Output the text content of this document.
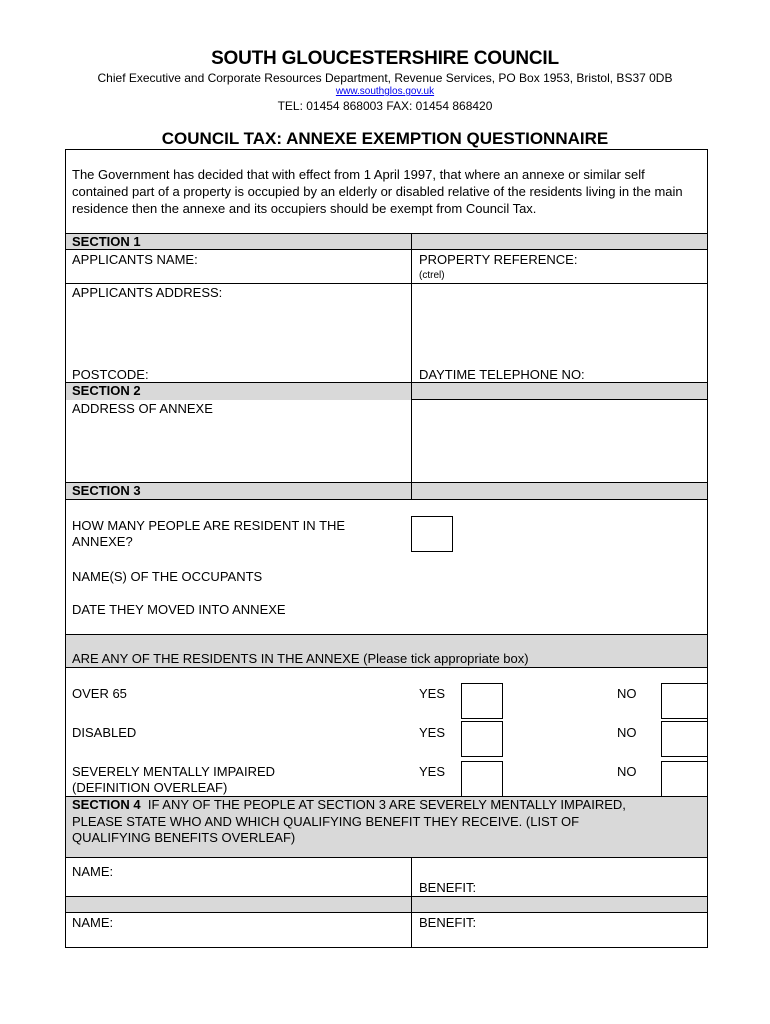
SOUTH GLOUCESTERSHIRE COUNCIL
Chief Executive and Corporate Resources Department, Revenue Services, PO Box 1953, Bristol, BS37 0DB
www.southglos.gov.uk
TEL: 01454 868003 FAX: 01454 868420
COUNCIL TAX: ANNEXE EXEMPTION QUESTIONNAIRE
The Government has decided that with effect from 1 April 1997, that where an annexe or similar self contained part of a property is occupied by an elderly or disabled relative of the residents living in the main residence then the annexe and its occupiers should be exempt from Council Tax.
SECTION 1
APPLICANTS NAME:	PROPERTY REFERENCE:
(ctrel)
APPLICANTS ADDRESS:
POSTCODE:	DAYTIME TELEPHONE NO:
SECTION 2
ADDRESS OF ANNEXE
SECTION 3
HOW MANY PEOPLE ARE RESIDENT IN THE
ANNEXE?
NAME(S) OF THE OCCUPANTS
DATE THEY MOVED INTO ANNEXE
ARE ANY OF THE RESIDENTS IN THE ANNEXE (Please tick appropriate box)
OVER 65	YES	NO
DISABLED	YES	NO
SEVERELY MENTALLY IMPAIRED
(DEFINITION OVERLEAF)
YES	NO
SECTION 4 IF ANY OF THE PEOPLE AT SECTION 3 ARE SEVERELY MENTALLY IMPAIRED,
PLEASE STATE WHO AND WHICH QUALIFYING BENEFIT THEY RECEIVE. (LIST OF
QUALIFYING BENEFITS OVERLEAF)
NAME:
BENEFIT:
NAME:	BENEFIT:
